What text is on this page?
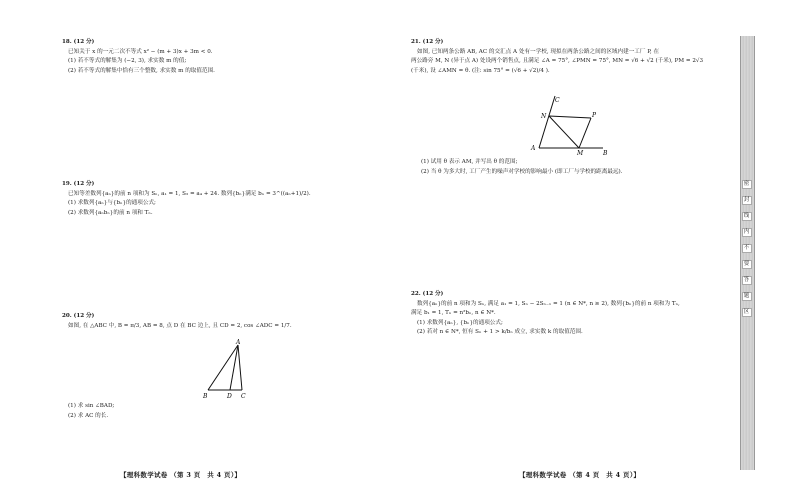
18. (12 分)
已知关于 x 的一元二次不等式 x² − (m + 3)x + 3m < 0.
(1) 若不等式的解集为 (−2, 3), 求实数 m 的值;
(2) 若不等式的解集中恰有三个整数, 求实数 m 的取值范围.
19. (12 分)
已知等差数列{aₙ}的前 n 项和为 Sₙ, a₁ = 1, S₃ = a₄ + 24. 数列{bₙ}满足 bₙ = 3^((aₙ+1)/2).
(1) 求数列{aₙ}与{bₙ}的通项公式;
(2) 求数列{aₙbₙ}的前 n 项和 Tₙ.
20. (12 分)
如图, 在 △ABC 中, B = π/3, AB = 8, 点 D 在 BC 边上, 且 CD = 2, cos ∠ADC = 1/7.
A
B	D C
(1) 求 sin ∠BAD;
(2) 求 AC 的长.
【理科数学试卷 （第 3 页　共 4 页）】
21. (12 分)
如图, 已知两条公路 AB, AC 的交汇点 A 处有一学校, 现拟在两条公路之间的区域内建一工厂 P, 在
两公路旁 M, N (异于点 A) 处设两个销售点, 且满足 ∠A = 75°, ∠PMN = 75°, MN = √6 + √2 (千米), PM = 2√3
(千米), 设 ∠AMN = θ. (注: sin 75° = (√6 + √2)/4 ).
C
N	P
A
M	B
(1) 试用 θ 表示 AM, 并写出 θ 的范围;
(2) 当 θ 为多大时, 工厂产生的噪声对学校的影响最小 (即工厂与学校的距离最远).
22. (12 分)
数列{aₙ}的前 n 项和为 Sₙ, 满足 a₁ = 1, Sₙ − 2Sₙ₋₁ = 1 (n ∈ N*, n ≥ 2), 数列{bₙ}的前 n 项和为 Tₙ,
满足 b₁ = 1, Tₙ = n²bₙ, n ∈ N*.
(1) 求数列{aₙ}, {bₙ}的通项公式;
(2) 若对 n ∈ N*, 恒有 Sₙ + 1 > k/bₙ 成立, 求实数 k 的取值范围.
【理科数学试卷 （第 4 页　共 4 页）】
密
封
线
内
不
要
答
题
区
